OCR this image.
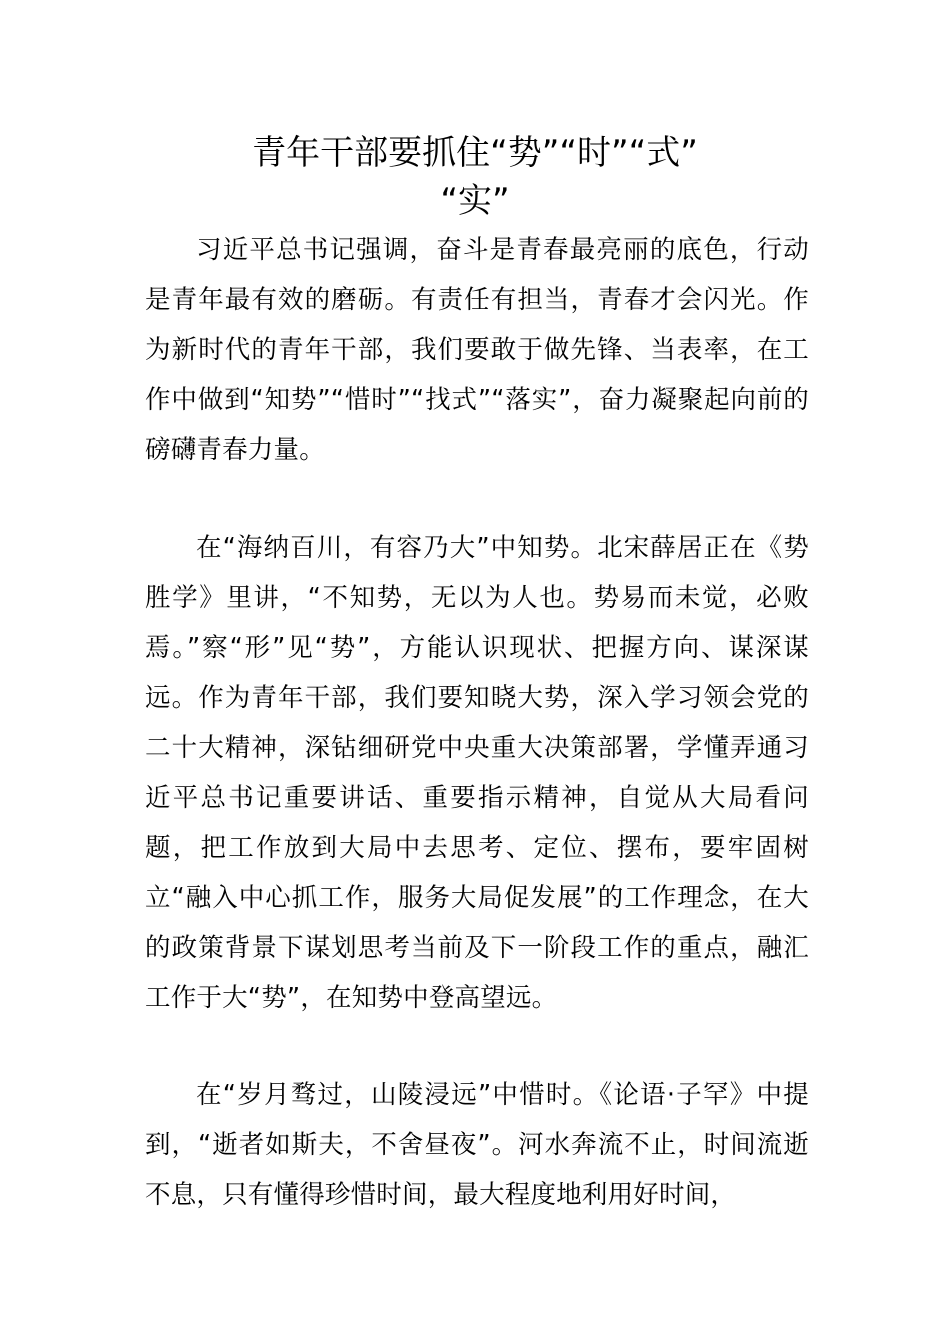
青年干部要抓住“势”“时”“式”
“实”

习近平总书记强调，奋斗是青春最亮丽的底色，行动是青年最有效的磨砺。有责任有担当，青春才会闪光。作为新时代的青年干部，我们要敢于做先锋、当表率，在工作中做到“知势”“惜时”“找式”“落实”，奋力凝聚起向前的磅礴青春力量。

在“海纳百川，有容乃大”中知势。北宋薛居正在《势胜学》里讲，“不知势，无以为人也。势易而未觉，必败焉。”察“形”见“势”，方能认识现状、把握方向、谋深谋远。作为青年干部，我们要知晓大势，深入学习领会党的二十大精神，深钻细研党中央重大决策部署，学懂弄通习近平总书记重要讲话、重要指示精神，自觉从大局看问题，把工作放到大局中去思考、定位、摆布，要牢固树立“融入中心抓工作，服务大局促发展”的工作理念，在大的政策背景下谋划思考当前及下一阶段工作的重点，融汇工作于大“势”，在知势中登高望远。

在“岁月骛过，山陵浸远”中惜时。《论语·子罕》中提到，“逝者如斯夫，不舍昼夜”。河水奔流不止，时间流逝不息，只有懂得珍惜时间，最大程度地利用好时间，
